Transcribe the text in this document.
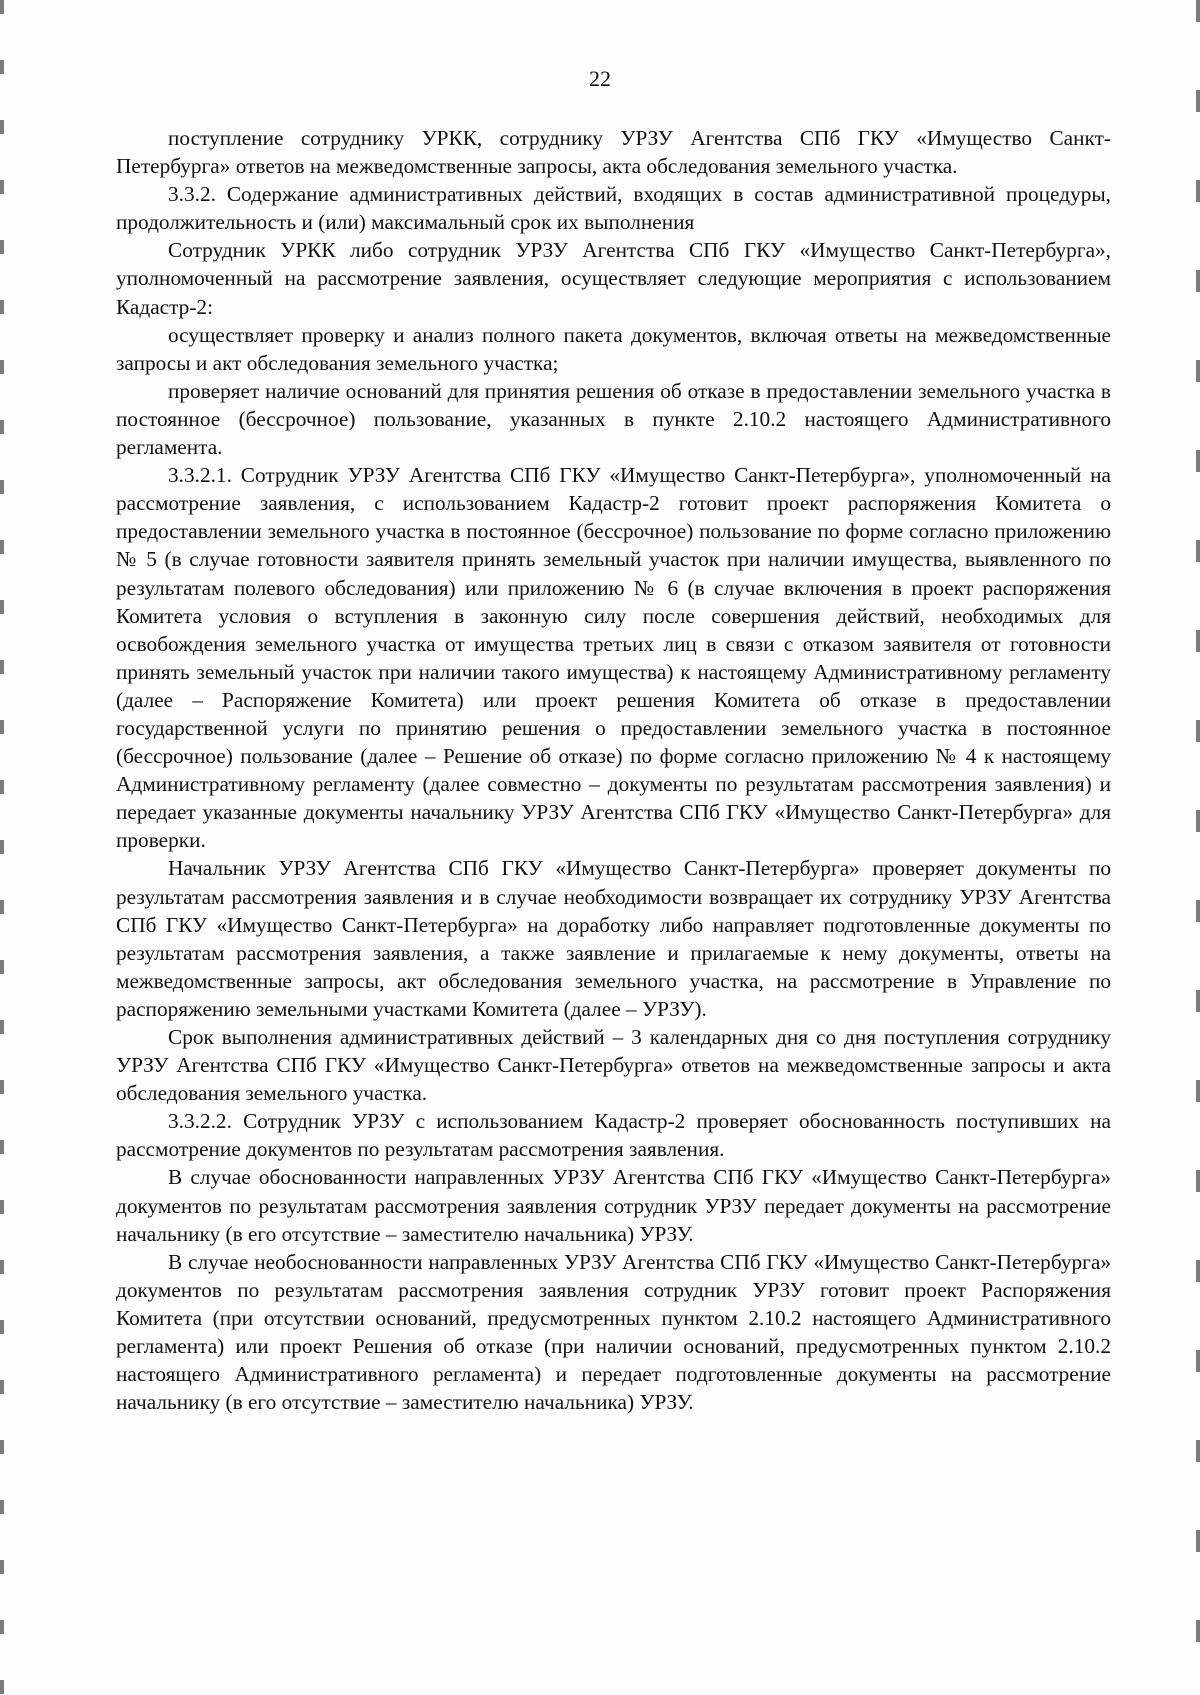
22

поступление сотруднику УРКК, сотруднику УРЗУ Агентства СПб ГКУ «Имущество Санкт-Петербурга» ответов на межведомственные запросы, акта обследования земельного участка.

3.3.2. Содержание административных действий, входящих в состав административной процедуры, продолжительность и (или) максимальный срок их выполнения

Сотрудник УРКК либо сотрудник УРЗУ Агентства СПб ГКУ «Имущество Санкт-Петербурга», уполномоченный на рассмотрение заявления, осуществляет следующие мероприятия с использованием Кадастр-2:

осуществляет проверку и анализ полного пакета документов, включая ответы на межведомственные запросы и акт обследования земельного участка;

проверяет наличие оснований для принятия решения об отказе в предоставлении земельного участка в постоянное (бессрочное) пользование, указанных в пункте 2.10.2 настоящего Административного регламента.

3.3.2.1. Сотрудник УРЗУ Агентства СПб ГКУ «Имущество Санкт-Петербурга», уполномоченный на рассмотрение заявления, с использованием Кадастр-2 готовит проект распоряжения Комитета о предоставлении земельного участка в постоянное (бессрочное) пользование по форме согласно приложению № 5 (в случае готовности заявителя принять земельный участок при наличии имущества, выявленного по результатам полевого обследования) или приложению № 6 (в случае включения в проект распоряжения Комитета условия о вступления в законную силу после совершения действий, необходимых для освобождения земельного участка от имущества третьих лиц в связи с отказом заявителя от готовности принять земельный участок при наличии такого имущества) к настоящему Административному регламенту (далее – Распоряжение Комитета) или проект решения Комитета об отказе в предоставлении государственной услуги по принятию решения о предоставлении земельного участка в постоянное (бессрочное) пользование (далее – Решение об отказе) по форме согласно приложению № 4 к настоящему Административному регламенту (далее совместно – документы по результатам рассмотрения заявления) и передает указанные документы начальнику УРЗУ Агентства СПб ГКУ «Имущество Санкт-Петербурга» для проверки.

Начальник УРЗУ Агентства СПб ГКУ «Имущество Санкт-Петербурга» проверяет документы по результатам рассмотрения заявления и в случае необходимости возвращает их сотруднику УРЗУ Агентства СПб ГКУ «Имущество Санкт-Петербурга» на доработку либо направляет подготовленные документы по результатам рассмотрения заявления, а также заявление и прилагаемые к нему документы, ответы на межведомственные запросы, акт обследования земельного участка, на рассмотрение в Управление по распоряжению земельными участками Комитета (далее – УРЗУ).

Срок выполнения административных действий – 3 календарных дня со дня поступления сотруднику УРЗУ Агентства СПб ГКУ «Имущество Санкт-Петербурга» ответов на межведомственные запросы и акта обследования земельного участка.

3.3.2.2. Сотрудник УРЗУ с использованием Кадастр-2 проверяет обоснованность поступивших на рассмотрение документов по результатам рассмотрения заявления.

В случае обоснованности направленных УРЗУ Агентства СПб ГКУ «Имущество Санкт-Петербурга» документов по результатам рассмотрения заявления сотрудник УРЗУ передает документы на рассмотрение начальнику (в его отсутствие – заместителю начальника) УРЗУ.

В случае необоснованности направленных УРЗУ Агентства СПб ГКУ «Имущество Санкт-Петербурга» документов по результатам рассмотрения заявления сотрудник УРЗУ готовит проект Распоряжения Комитета (при отсутствии оснований, предусмотренных пунктом 2.10.2 настоящего Административного регламента) или проект Решения об отказе (при наличии оснований, предусмотренных пунктом 2.10.2 настоящего Административного регламента) и передает подготовленные документы на рассмотрение начальнику (в его отсутствие – заместителю начальника) УРЗУ.
